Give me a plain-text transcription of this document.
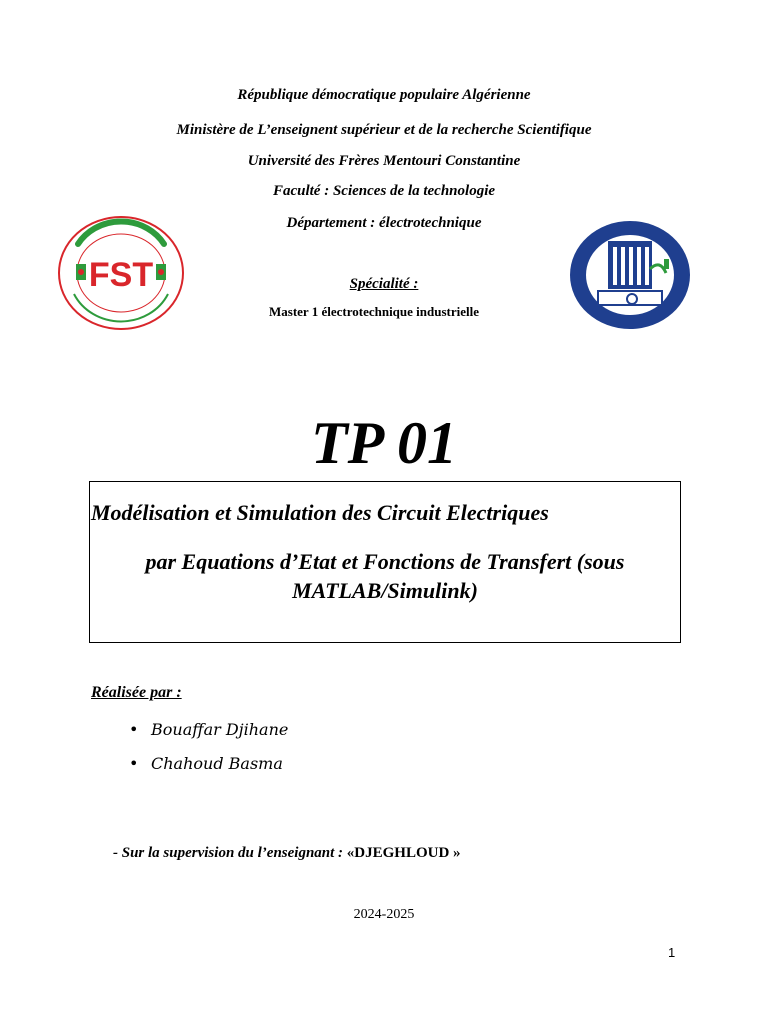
République démocratique populaire Algérienne
Ministère de L’enseignent supérieur et de la recherche Scientifique
Université des Frères Mentouri Constantine
Faculté : Sciences de la technologie
Département : électrotechnique
FST	Spécialité :
Master 1 électrotechnique industrielle
TP 01
Modélisation et Simulation des Circuit Electriques
par Equations d’Etat et Fonctions de Transfert (sous MATLAB/Simulink)
Réalisée par :
• Bouaffar Djihane
• Chahoud Basma
- Sur la supervision du l’enseignant : «DJEGHLOUD »
2024-2025
1
